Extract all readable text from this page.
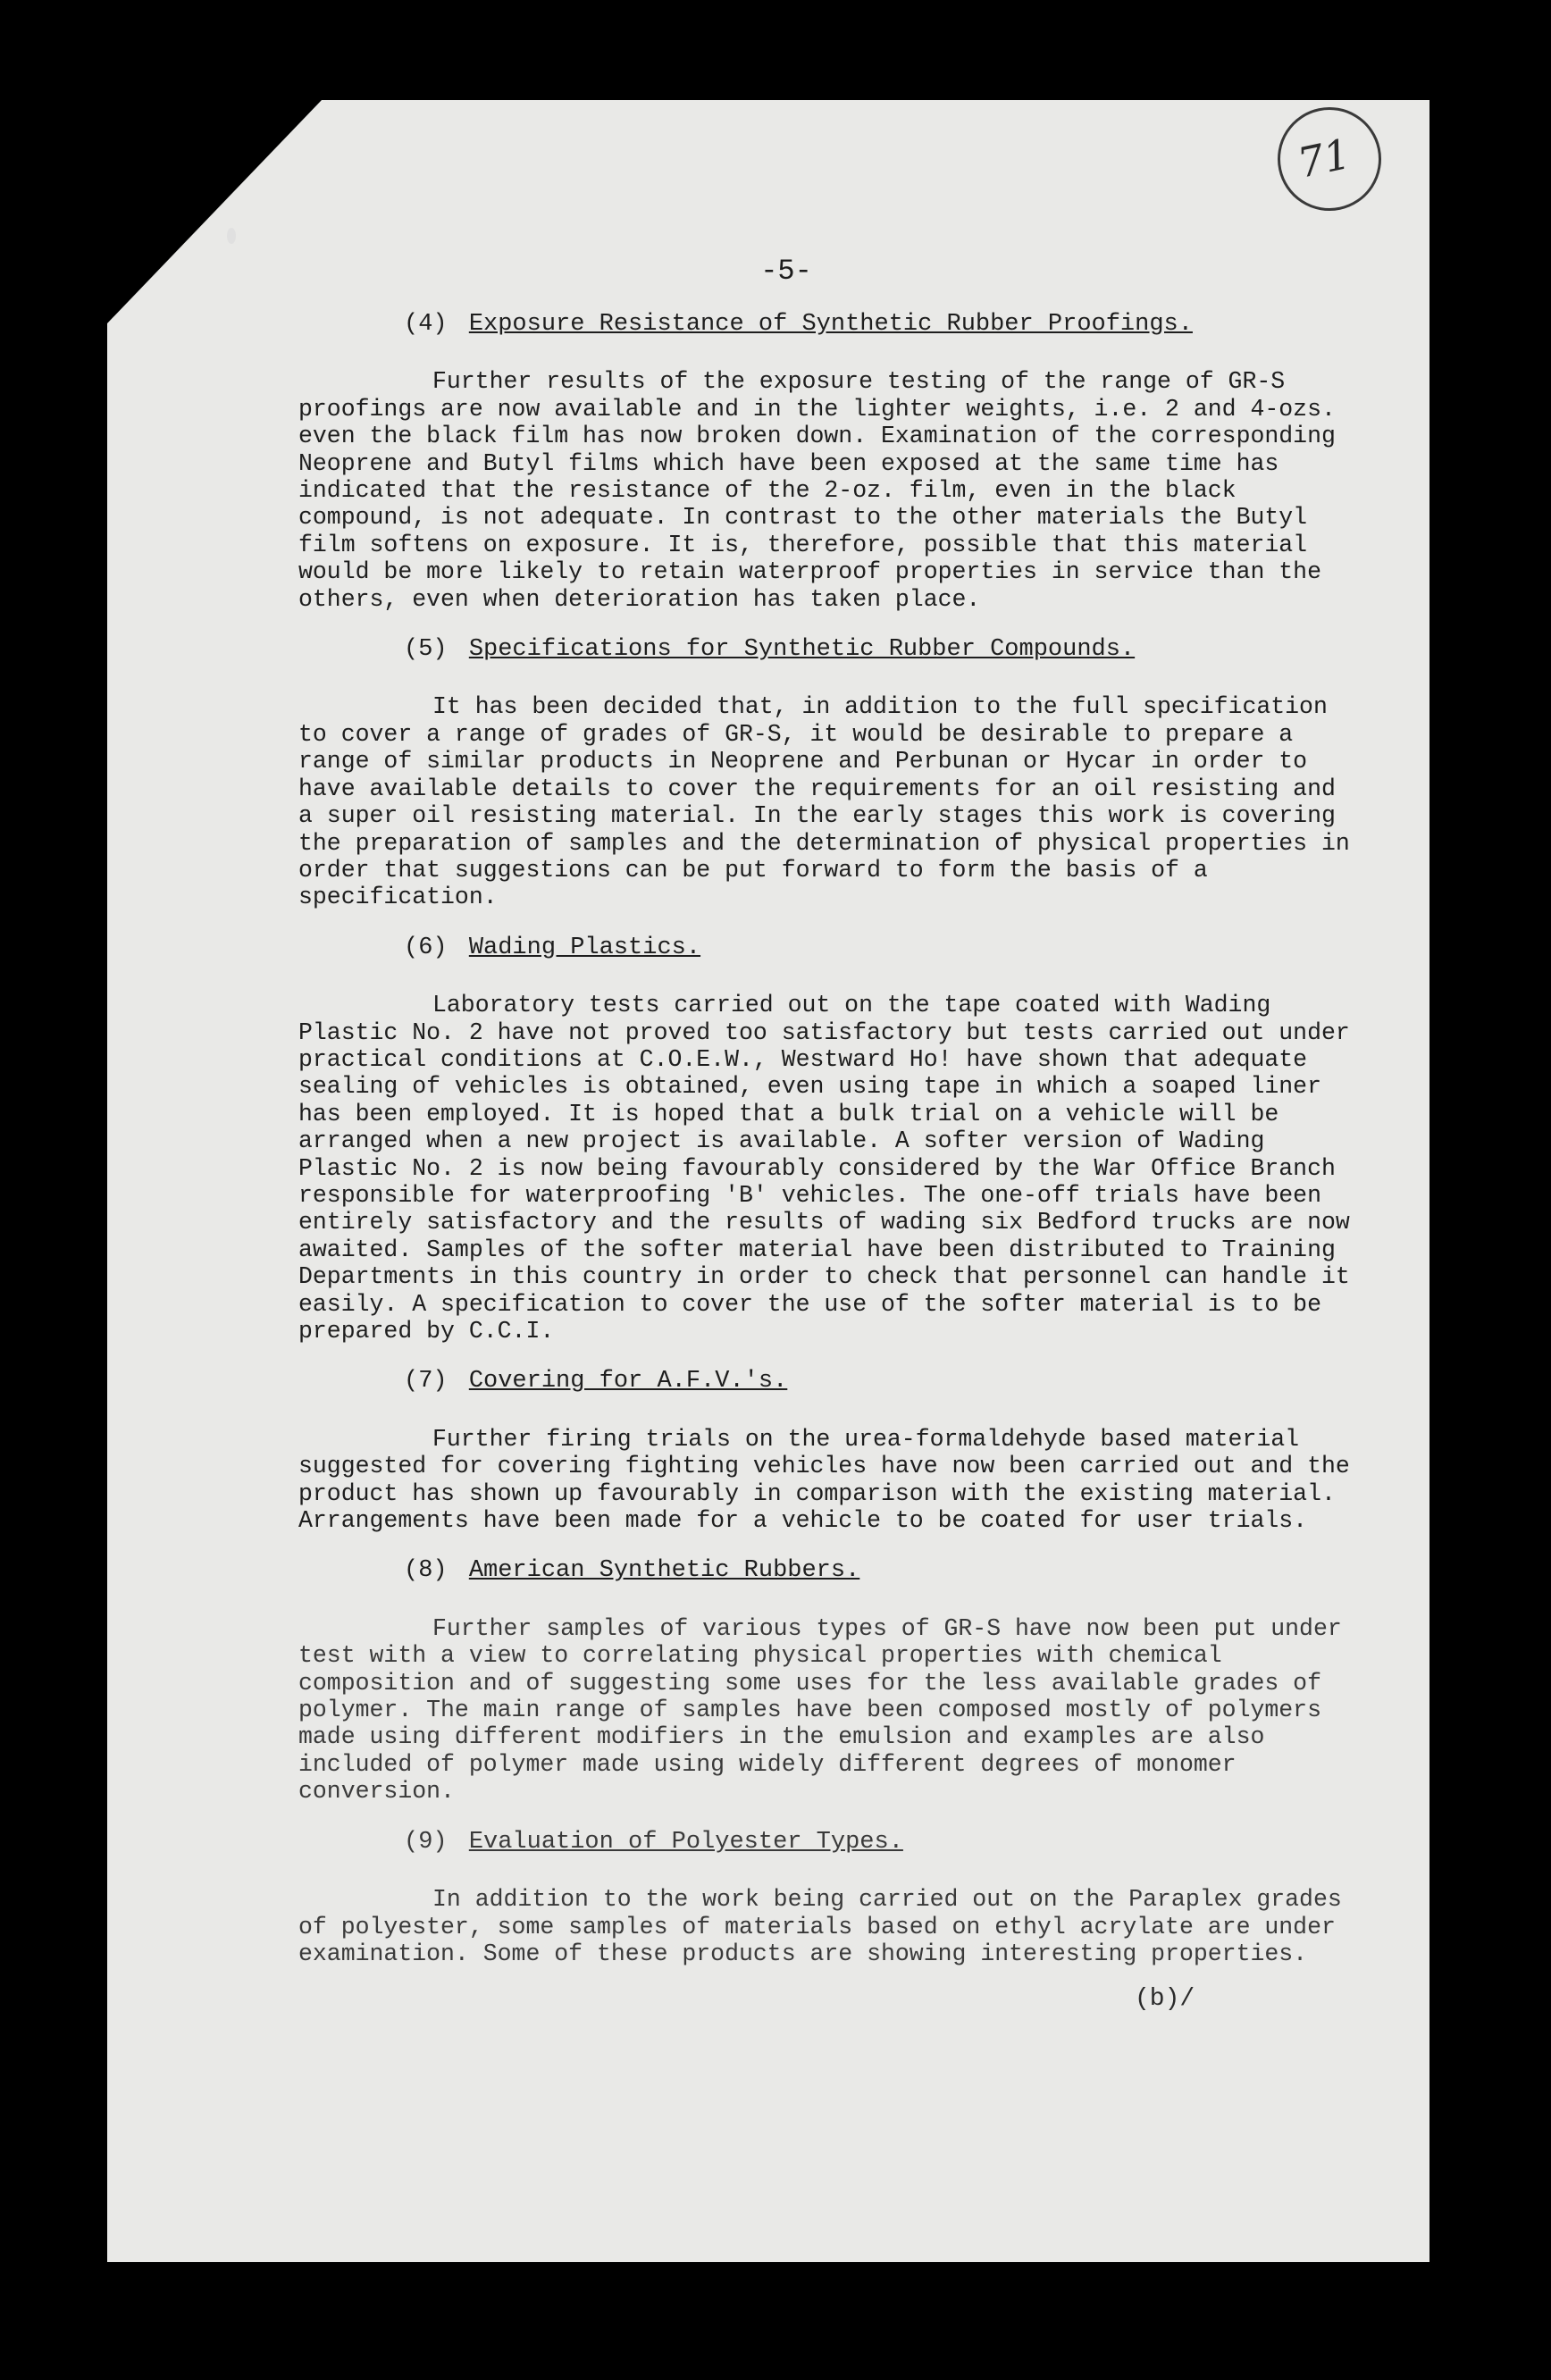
71
-5-
(4) Exposure Resistance of Synthetic Rubber Proofings.

Further results of the exposure testing of the range of GR-S proofings are now available and in the lighter weights, i.e. 2 and 4-ozs. even the black film has now broken down. Examination of the corresponding Neoprene and Butyl films which have been exposed at the same time has indicated that the resistance of the 2-oz. film, even in the black compound, is not adequate. In contrast to the other materials the Butyl film softens on exposure. It is, therefore, possible that this material would be more likely to retain waterproof properties in service than the others, even when deterioration has taken place.

(5) Specifications for Synthetic Rubber Compounds.

It has been decided that, in addition to the full specification to cover a range of grades of GR-S, it would be desirable to prepare a range of similar products in Neoprene and Perbunan or Hycar in order to have available details to cover the requirements for an oil resisting and a super oil resisting material. In the early stages this work is covering the preparation of samples and the determination of physical properties in order that suggestions can be put forward to form the basis of a specification.

(6) Wading Plastics.

Laboratory tests carried out on the tape coated with Wading Plastic No. 2 have not proved too satisfactory but tests carried out under practical conditions at C.O.E.W., Westward Ho! have shown that adequate sealing of vehicles is obtained, even using tape in which a soaped liner has been employed. It is hoped that a bulk trial on a vehicle will be arranged when a new project is available. A softer version of Wading Plastic No. 2 is now being favourably considered by the War Office Branch responsible for waterproofing 'B' vehicles. The one-off trials have been entirely satisfactory and the results of wading six Bedford trucks are now awaited. Samples of the softer material have been distributed to Training Departments in this country in order to check that personnel can handle it easily. A specification to cover the use of the softer material is to be prepared by C.C.I.

(7) Covering for A.F.V.'s.

Further firing trials on the urea-formaldehyde based material suggested for covering fighting vehicles have now been carried out and the product has shown up favourably in comparison with the existing material. Arrangements have been made for a vehicle to be coated for user trials.

(8) American Synthetic Rubbers.

Further samples of various types of GR-S have now been put under test with a view to correlating physical properties with chemical composition and of suggesting some uses for the less available grades of polymer. The main range of samples have been composed mostly of polymers made using different modifiers in the emulsion and examples are also included of polymer made using widely different degrees of monomer conversion.

(9) Evaluation of Polyester Types.

In addition to the work being carried out on the Paraplex grades of polyester, some samples of materials based on ethyl acrylate are under examination. Some of these products are showing interesting properties.

(b)/
